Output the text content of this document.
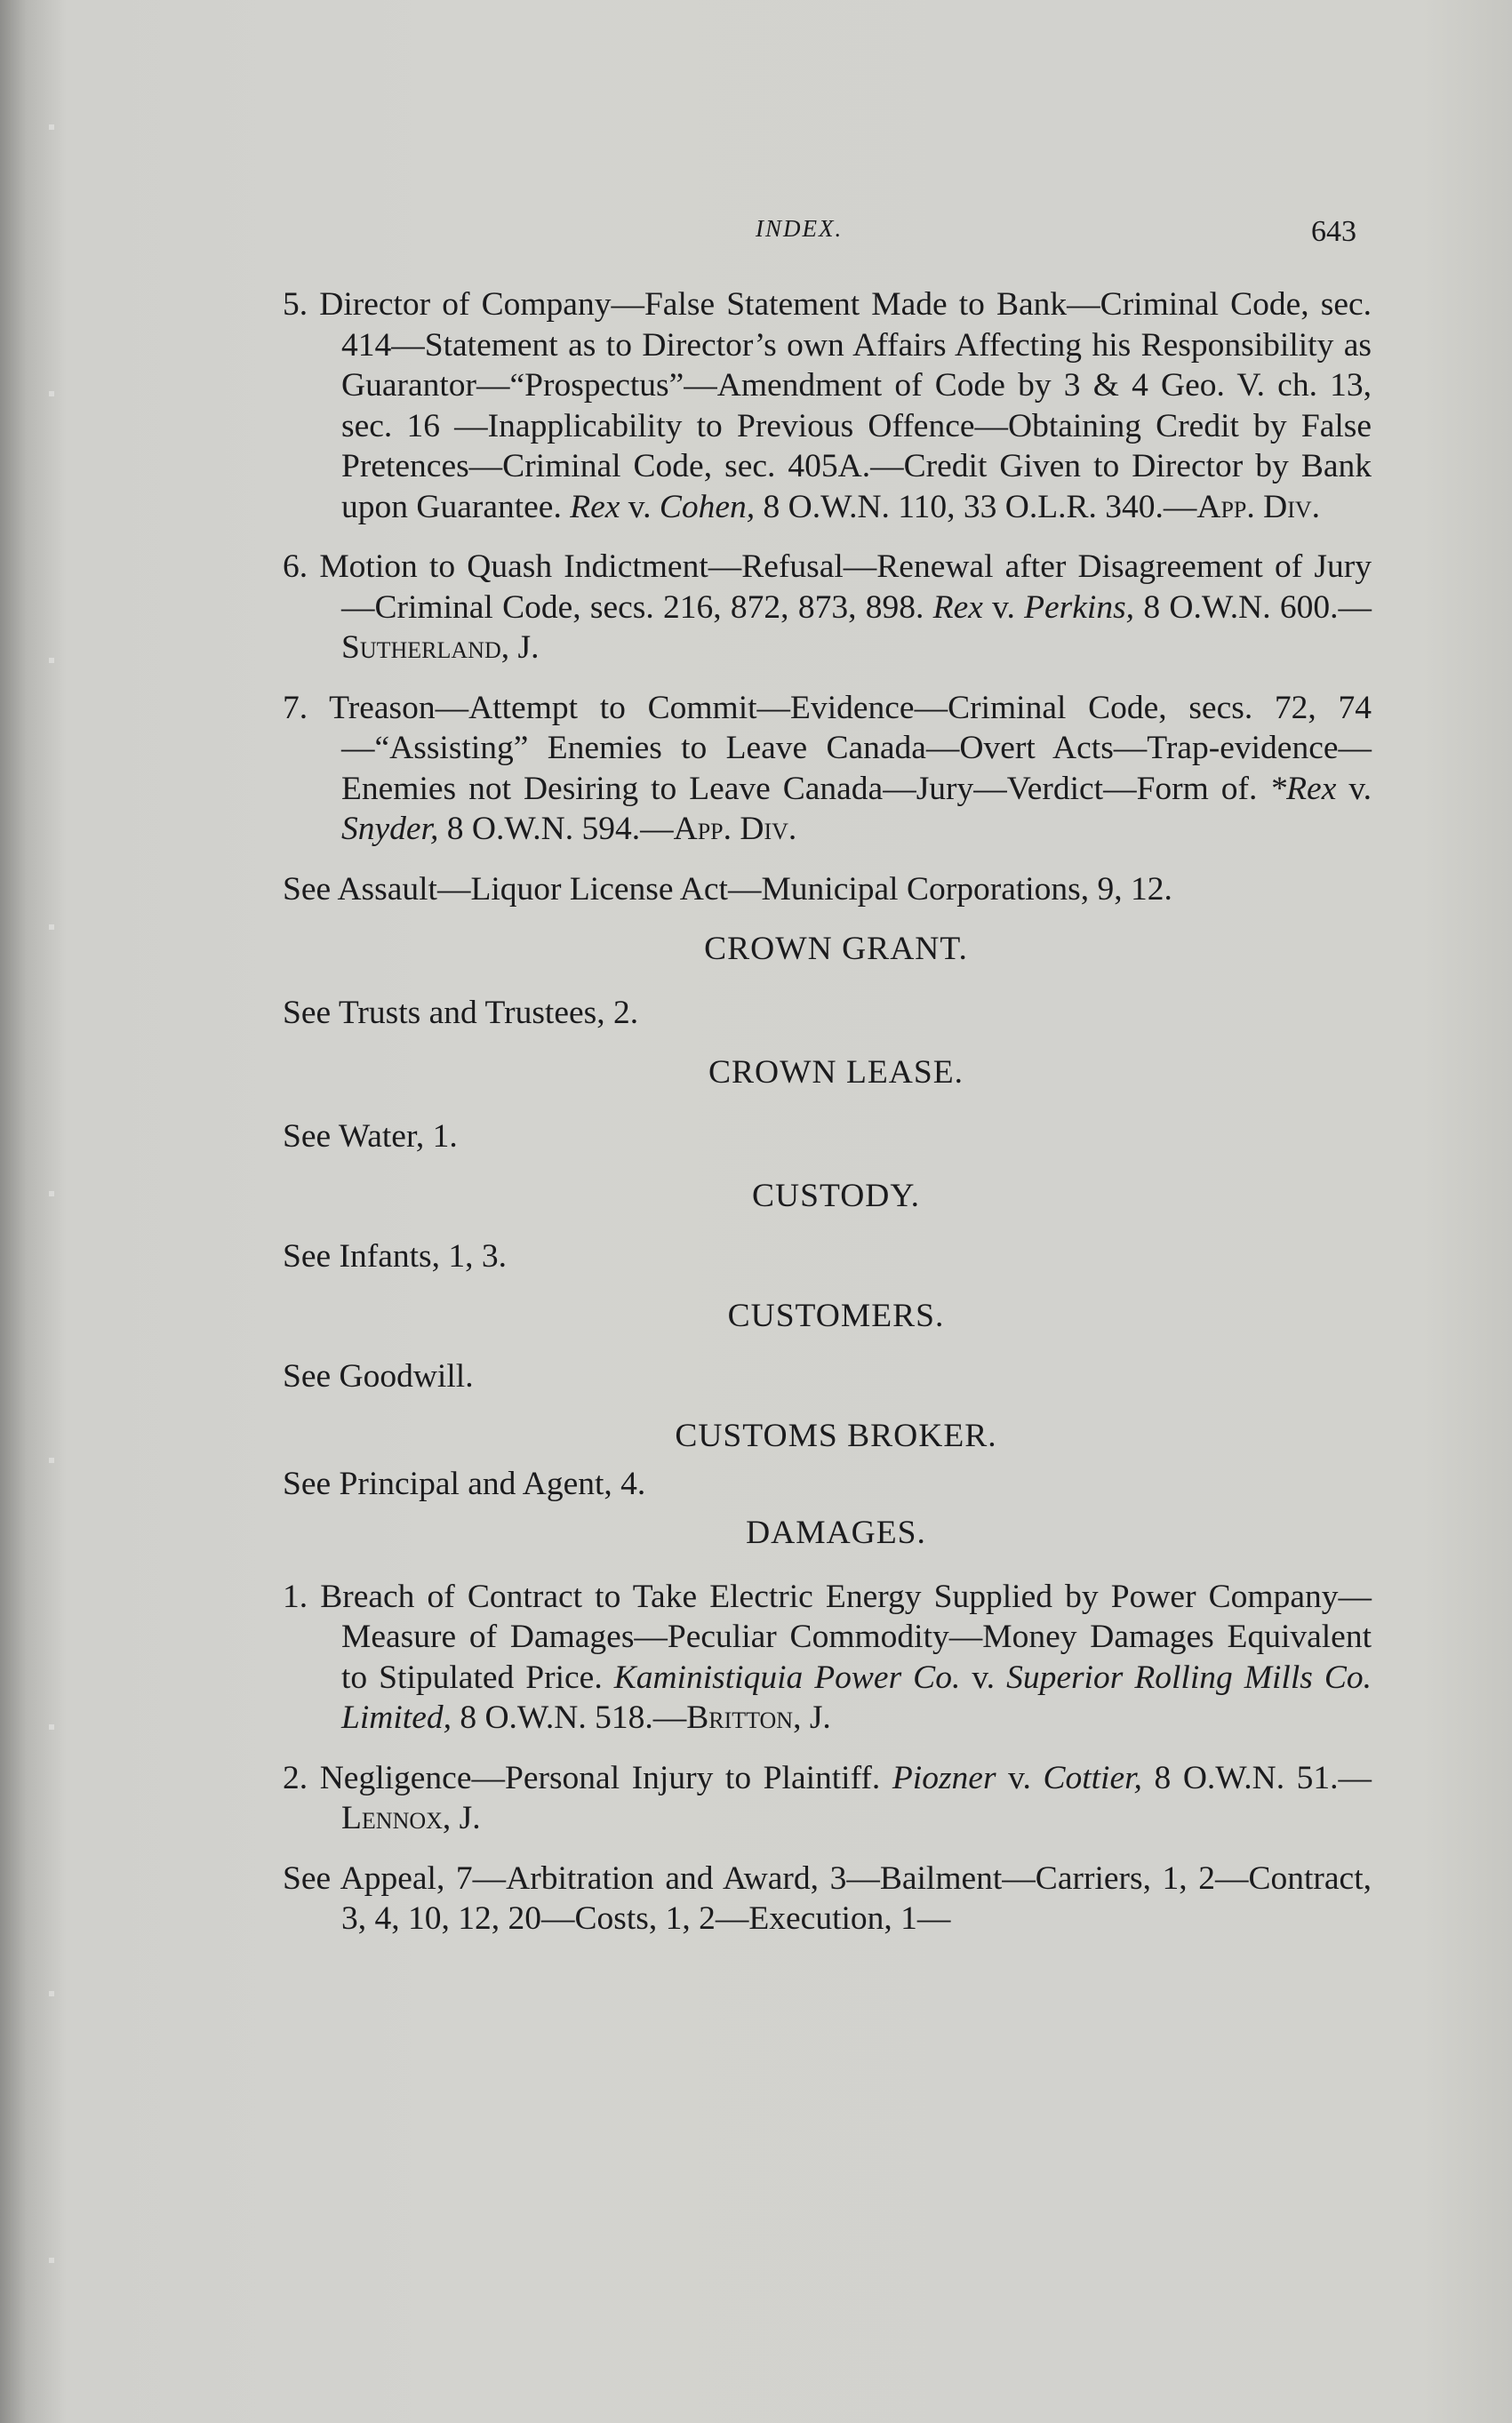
INDEX.	643

5. Director of Company—False Statement Made to Bank—Criminal Code, sec. 414—Statement as to Director’s own Affairs Affecting his Responsibility as Guarantor—“Prospectus”—Amendment of Code by 3 & 4 Geo. V. ch. 13, sec. 16 —Inapplicability to Previous Offence—Obtaining Credit by False Pretences—Criminal Code, sec. 405A.—Credit Given to Director by Bank upon Guarantee. Rex v. Cohen, 8 O.W.N. 110, 33 O.L.R. 340.—App. Div.

6. Motion to Quash Indictment—Refusal—Renewal after Disagreement of Jury—Criminal Code, secs. 216, 872, 873, 898. Rex v. Perkins, 8 O.W.N. 600.—Sutherland, J.

7. Treason—Attempt to Commit—Evidence—Criminal Code, secs. 72, 74—“Assisting” Enemies to Leave Canada—Overt Acts—Trap-evidence—Enemies not Desiring to Leave Canada—Jury—Verdict—Form of. *Rex v. Snyder, 8 O.W.N. 594.—App. Div.

See Assault—Liquor License Act—Municipal Corporations, 9, 12.

CROWN GRANT.

See Trusts and Trustees, 2.

CROWN LEASE.

See Water, 1.

CUSTODY.

See Infants, 1, 3.

CUSTOMERS.

See Goodwill.

CUSTOMS BROKER.

See Principal and Agent, 4.

DAMAGES.

1. Breach of Contract to Take Electric Energy Supplied by Power Company—Measure of Damages—Peculiar Commodity—Money Damages Equivalent to Stipulated Price. Kaministiquia Power Co. v. Superior Rolling Mills Co. Limited, 8 O.W.N. 518.—Britton, J.

2. Negligence—Personal Injury to Plaintiff. Piozner v. Cottier, 8 O.W.N. 51.—Lennox, J.

See Appeal, 7—Arbitration and Award, 3—Bailment—Carriers, 1, 2—Contract, 3, 4, 10, 12, 20—Costs, 1, 2—Execution, 1—
